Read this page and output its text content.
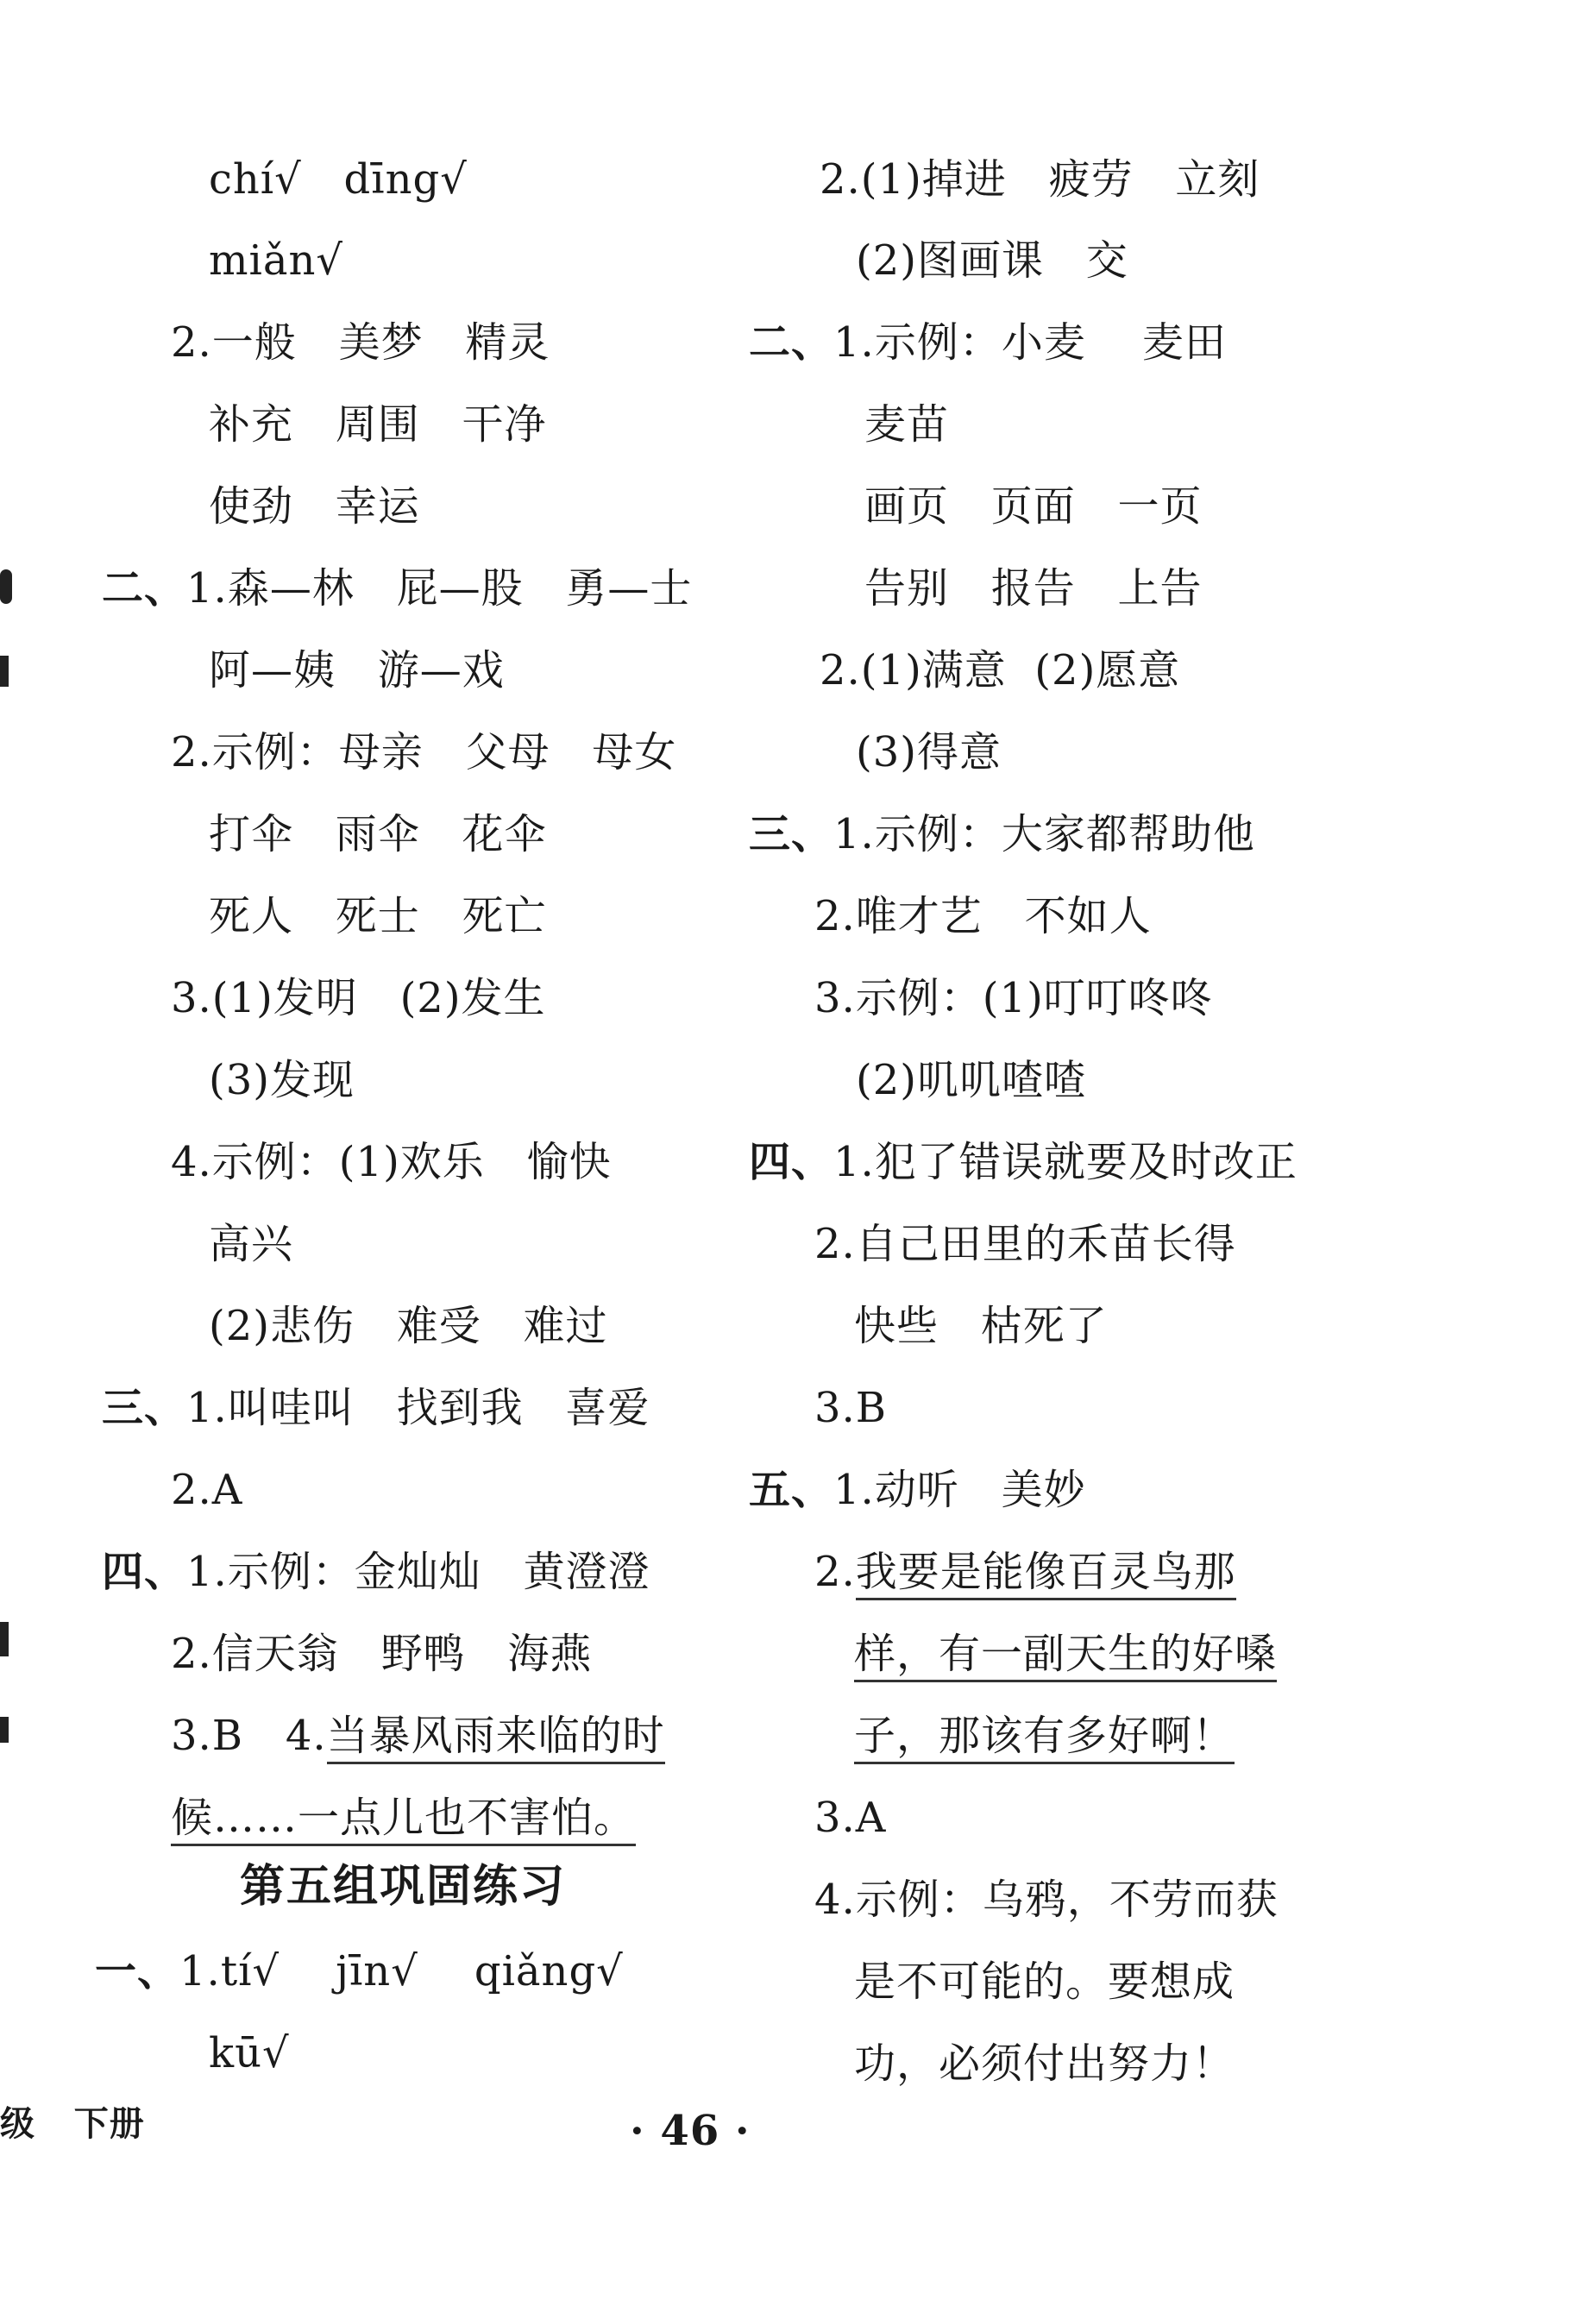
chí√   dīng√
miǎn√
2.一般   美梦   精灵
补充   周围   干净
使劲   幸运
二、1.森—林   屁—股   勇—士
阿—姨   游—戏
2.示例：母亲   父母   母女
打伞   雨伞   花伞
死人   死士   死亡
3.(1)发明   (2)发生
(3)发现
4.示例：(1)欢乐   愉快
高兴
(2)悲伤   难受   难过
三、1.叫哇叫   找到我   喜爱
2.A
四、1.示例：金灿灿   黄澄澄
2.信天翁   野鸭   海燕
3.B   4.当暴风雨来临的时
候……一点儿也不害怕。
第五组巩固练习
一、1.tí√    jīn√    qiǎng√
kū√
2.(1)掉进   疲劳   立刻
(2)图画课   交
二、1.示例：小麦    麦田
麦苗
画页   页面   一页
告别   报告   上告
2.(1)满意  (2)愿意
(3)得意
三、1.示例：大家都帮助他
2.唯才艺   不如人
3.示例：(1)叮叮咚咚
(2)叽叽喳喳
四、1.犯了错误就要及时改正
2.自己田里的禾苗长得
快些   枯死了
3.B
五、1.动听   美妙
2.我要是能像百灵鸟那
样，有一副天生的好嗓
子，那该有多好啊！
3.A
4.示例：乌鸦，不劳而获
是不可能的。要想成
功，必须付出努力！
级   下册	· 46 ·
